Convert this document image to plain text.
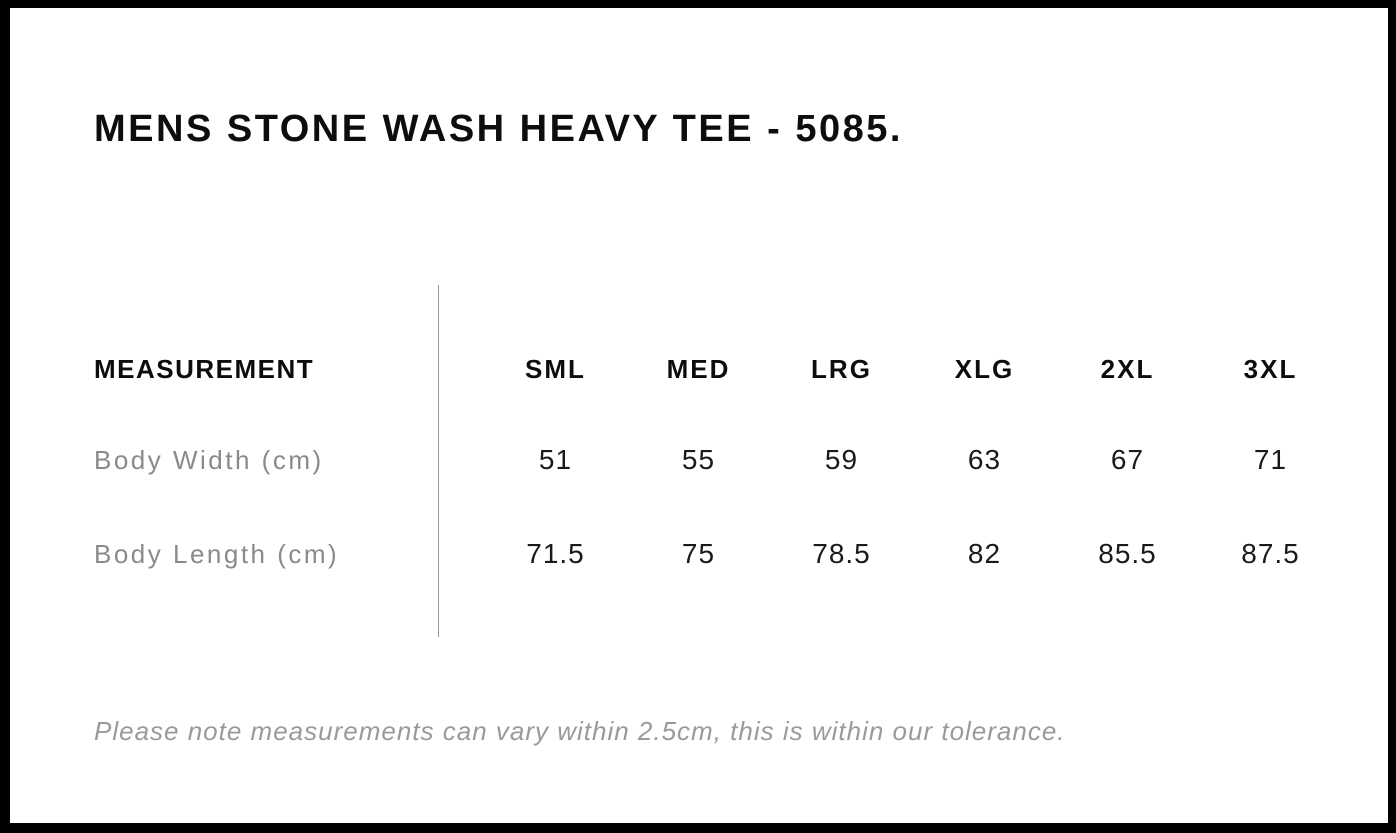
MENS STONE WASH HEAVY TEE - 5085.
MEASUREMENT	SML	MED	LRG	XLG	2XL	3XL
Body Width (cm)	51	55	59	63	67	71
Body Length (cm)	71.5	75	78.5	82	85.5	87.5

Please note measurements can vary within 2.5cm, this is within our tolerance.
